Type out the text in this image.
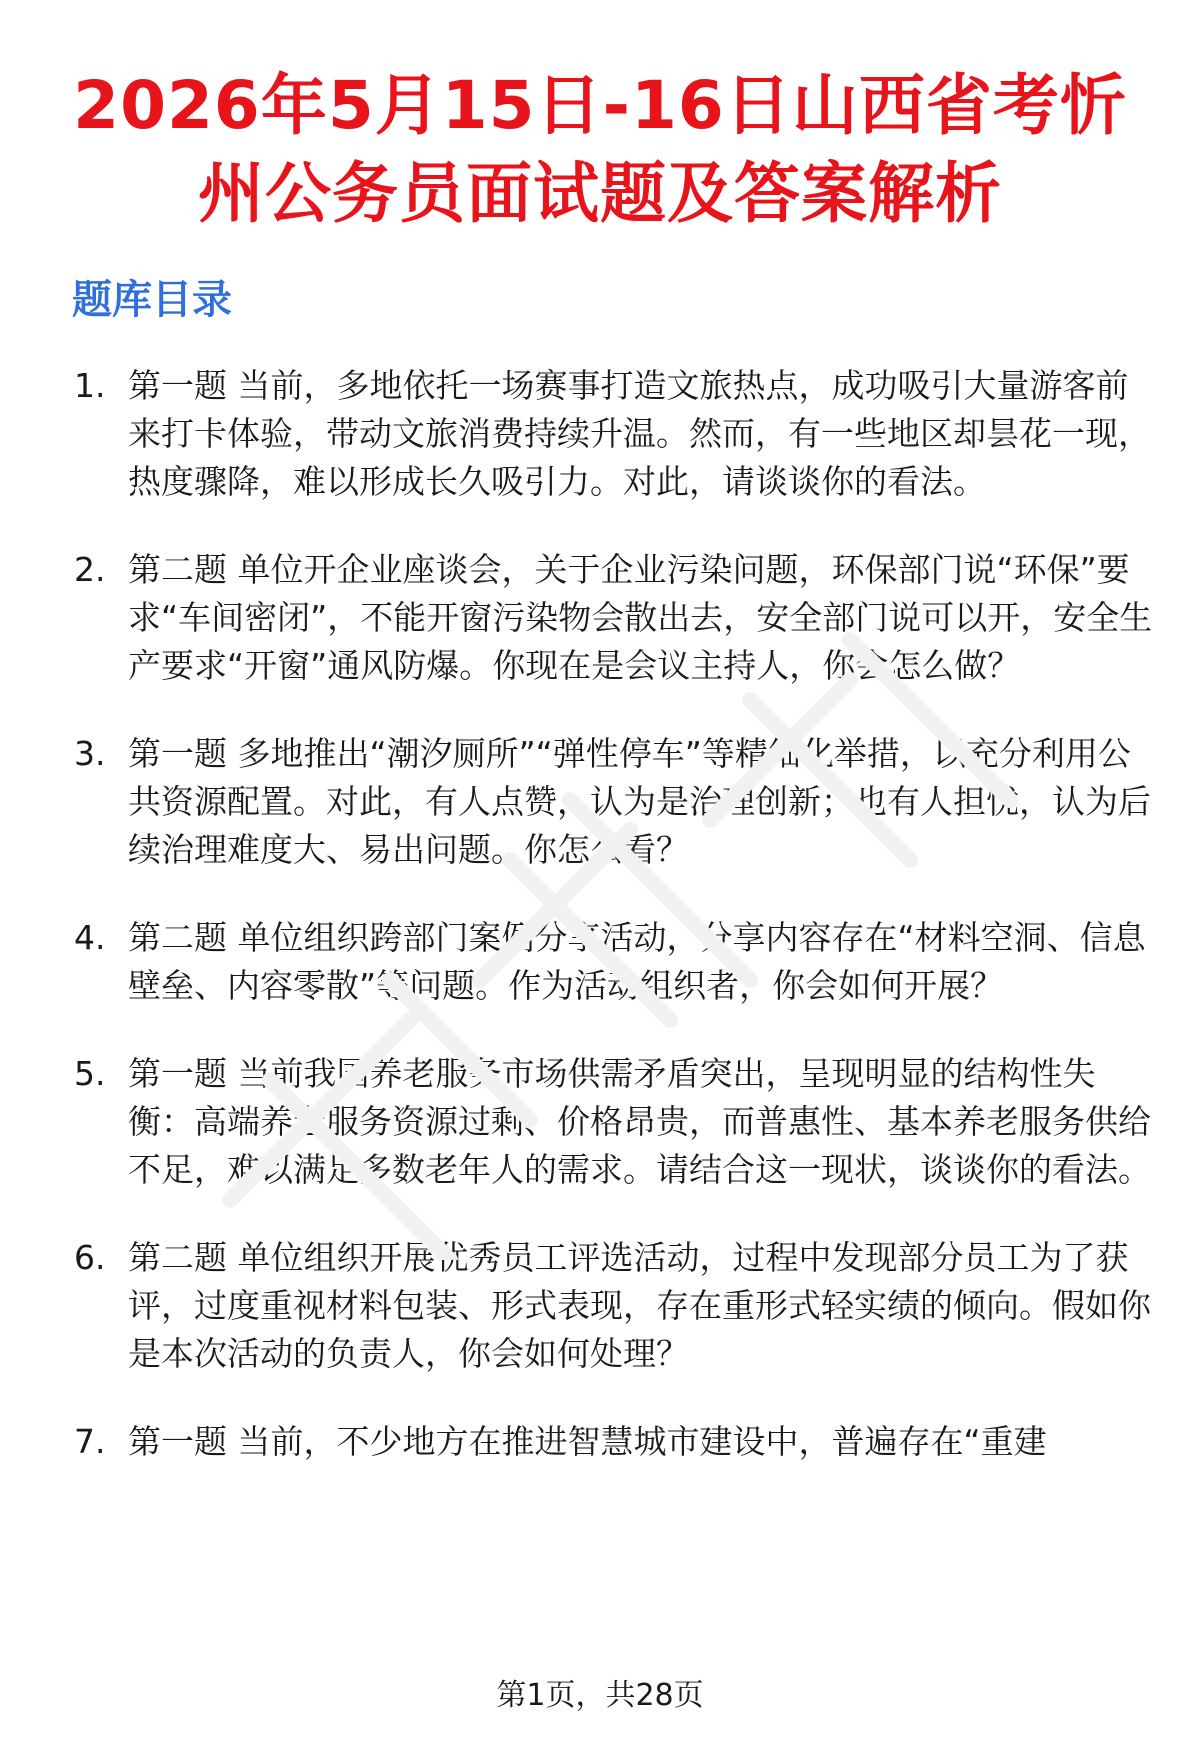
2026年5月15日-16日山西省考忻
州公务员面试题及答案解析
题库目录
1. 第一题 当前，多地依托一场赛事打造文旅热点，成功吸引大量游客前来打卡体验，带动文旅消费持续升温。然而，有一些地区却昙花一现，热度骤降，难以形成长久吸引力。对此，请谈谈你的看法。
2. 第二题 单位开企业座谈会，关于企业污染问题，环保部门说“环保”要求“车间密闭”，不能开窗污染物会散出去，安全部门说可以开，安全生产要求“开窗”通风防爆。你现在是会议主持人，你会怎么做？
3. 第一题 多地推出“潮汐厕所”“弹性停车”等精细化举措，以充分利用公共资源配置。对此，有人点赞，认为是治理创新；也有人担忧，认为后续治理难度大、易出问题。你怎么看？
4. 第二题 单位组织跨部门案例分享活动，分享内容存在“材料空洞、信息壁垒、内容零散”等问题。作为活动组织者，你会如何开展？
5. 第一题 当前我国养老服务市场供需矛盾突出，呈现明显的结构性失衡：高端养老服务资源过剩、价格昂贵，而普惠性、基本养老服务供给不足，难以满足多数老年人的需求。请结合这一现状，谈谈你的看法。
6. 第二题 单位组织开展优秀员工评选活动，过程中发现部分员工为了获评，过度重视材料包装、形式表现，存在重形式轻实绩的倾向。假如你是本次活动的负责人，你会如何处理？
7. 第一题 当前，不少地方在推进智慧城市建设中，普遍存在“重建
第1页，共28页
